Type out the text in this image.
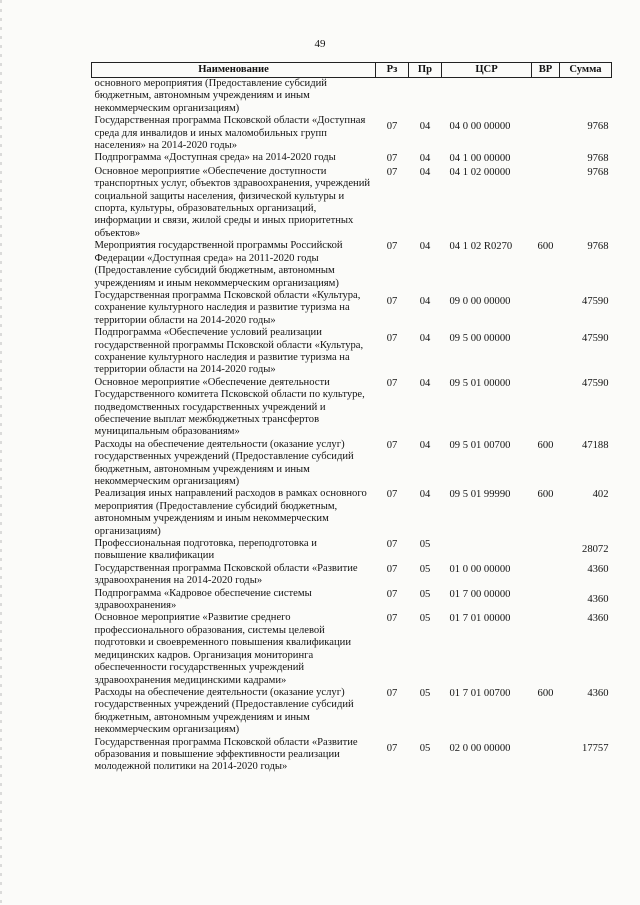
49
Наименование	Рз	Пр	ЦСР	ВР	Сумма
основного мероприятия (Предоставление субсидий бюджетным, автономным учреждениям и иным некоммерческим организациям)					
Государственная программа Псковской области «Доступная среда для инвалидов и иных маломобильных групп населения» на 2014-2020 годы»	07	04	04 0 00 00000		9768
Подпрограмма «Доступная среда» на 2014-2020 годы	07	04	04 1 00 00000		9768
Основное мероприятие «Обеспечение доступности транспортных услуг, объектов здравоохранения, учреждений социальной защиты населения, физической культуры и спорта, культуры, образовательных организаций, информации и связи, жилой среды и иных приоритетных объектов»	07	04	04 1 02 00000		9768
Мероприятия государственной программы Российской Федерации «Доступная среда» на 2011-2020 годы (Предоставление субсидий бюджетным, автономным учреждениям и иным некоммерческим организациям)	07	04	04 1 02 R0270	600	9768
Государственная программа Псковской области «Культура, сохранение культурного наследия и развитие туризма на территории области на 2014-2020 годы»	07	04	09 0 00 00000		47590
Подпрограмма «Обеспечение условий реализации государственной программы Псковской области «Культура, сохранение культурного наследия и развитие туризма на территории области на 2014-2020 годы»	07	04	09 5 00 00000		47590
Основное мероприятие «Обеспечение деятельности Государственного комитета Псковской области по культуре, подведомственных государственных учреждений и обеспечение выплат межбюджетных трансфертов муниципальным образованиям»	07	04	09 5 01 00000		47590
Расходы на обеспечение деятельности (оказание услуг) государственных учреждений (Предоставление субсидий бюджетным, автономным учреждениям и иным некоммерческим организациям)	07	04	09 5 01 00700	600	47188
Реализация иных направлений расходов в рамках основного мероприятия (Предоставление субсидий бюджетным, автономным учреждениям и иным некоммерческим организациям)	07	04	09 5 01 99990	600	402
Профессиональная подготовка, переподготовка и повышение квалификации	07	05			28072
Государственная программа Псковской области «Развитие здравоохранения на 2014-2020 годы»	07	05	01 0 00 00000		4360
Подпрограмма «Кадровое обеспечение системы здравоохранения»	07	05	01 7 00 00000		4360
Основное мероприятие «Развитие среднего профессионального образования, системы целевой подготовки и своевременного повышения квалификации медицинских кадров. Организация мониторинга обеспеченности государственных учреждений здравоохранения медицинскими кадрами»	07	05	01 7 01 00000		4360
Расходы на обеспечение деятельности (оказание услуг) государственных учреждений (Предоставление субсидий бюджетным, автономным учреждениям и иным некоммерческим организациям)	07	05	01 7 01 00700	600	4360
Государственная программа Псковской области «Развитие образования и повышение эффективности реализации молодежной политики на 2014-2020 годы»	07	05	02 0 00 00000		17757
